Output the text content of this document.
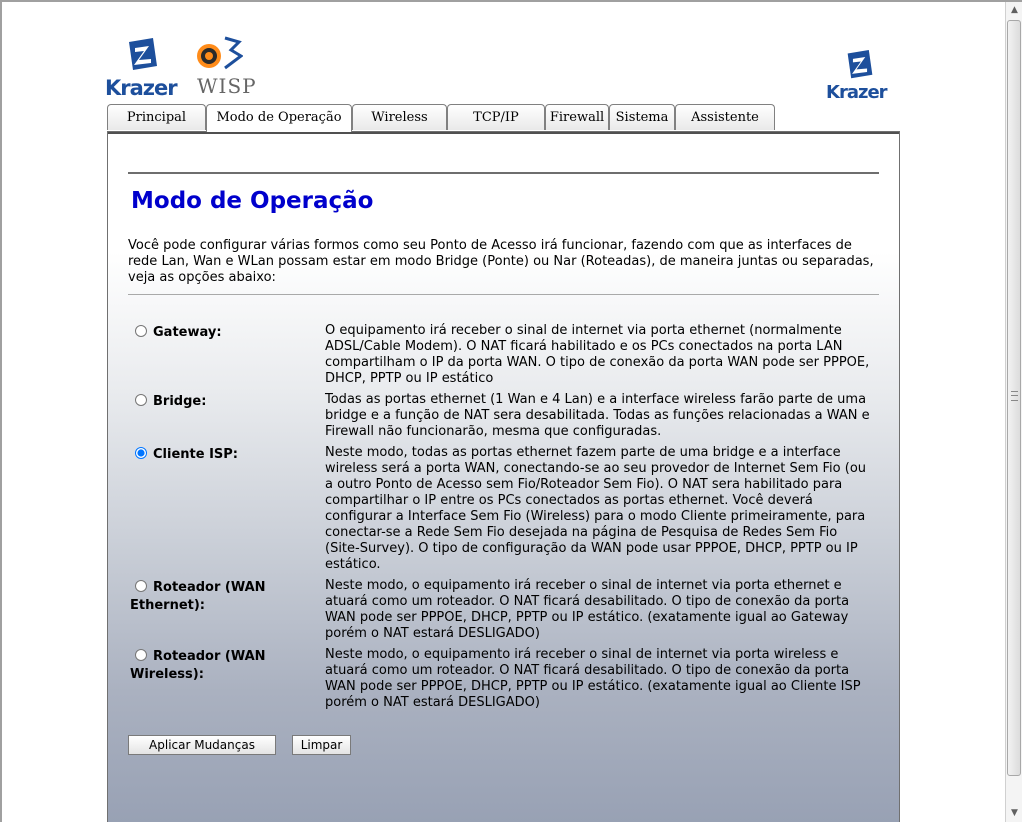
Krazer WISP	Krazer
Principal	Modo de Operação	Wireless	TCP/IP	Firewall Sistema	Assistente
Modo de Operação

Você pode configurar várias formos como seu Ponto de Acesso irá funcionar, fazendo com que as interfaces de rede Lan, Wan e WLan possam estar em modo Bridge (Ponte) ou Nar (Roteadas), de maneira juntas ou separadas, veja as opções abaixo:

Gateway:	O equipamento irá receber o sinal de internet via porta ethernet (normalmente ADSL/Cable Modem). O NAT ficará habilitado e os PCs conectados na porta LAN compartilham o IP da porta WAN. O tipo de conexão da porta WAN pode ser PPPOE, DHCP, PPTP ou IP estático
Bridge:	Todas as portas ethernet (1 Wan e 4 Lan) e a interface wireless farão parte de uma bridge e a função de NAT sera desabilitada. Todas as funções relacionadas a WAN e Firewall não funcionarão, mesma que configuradas.
Cliente ISP:	Neste modo, todas as portas ethernet fazem parte de uma bridge e a interface wireless será a porta WAN, conectando-se ao seu provedor de Internet Sem Fio (ou a outro Ponto de Acesso sem Fio/Roteador Sem Fio). O NAT sera habilitado para compartilhar o IP entre os PCs conectados as portas ethernet. Você deverá configurar a Interface Sem Fio (Wireless) para o modo Cliente primeiramente, para conectar-se a Rede Sem Fio desejada na página de Pesquisa de Redes Sem Fio (Site-Survey). O tipo de configuração da WAN pode usar PPPOE, DHCP, PPTP ou IP estático.
Roteador (WAN Ethernet):
Neste modo, o equipamento irá receber o sinal de internet via porta ethernet e atuará como um roteador. O NAT ficará desabilitado. O tipo de conexão da porta WAN pode ser PPPOE, DHCP, PPTP ou IP estático. (exatamente igual ao Gateway porém o NAT estará DESLIGADO)
Roteador (WAN Wireless):
Neste modo, o equipamento irá receber o sinal de internet via porta wireless e atuará como um roteador. O NAT ficará desabilitado. O tipo de conexão da porta WAN pode ser PPPOE, DHCP, PPTP ou IP estático. (exatamente igual ao Cliente ISP porém o NAT estará DESLIGADO)
Aplicar Mudanças	Limpar
▲
▼
